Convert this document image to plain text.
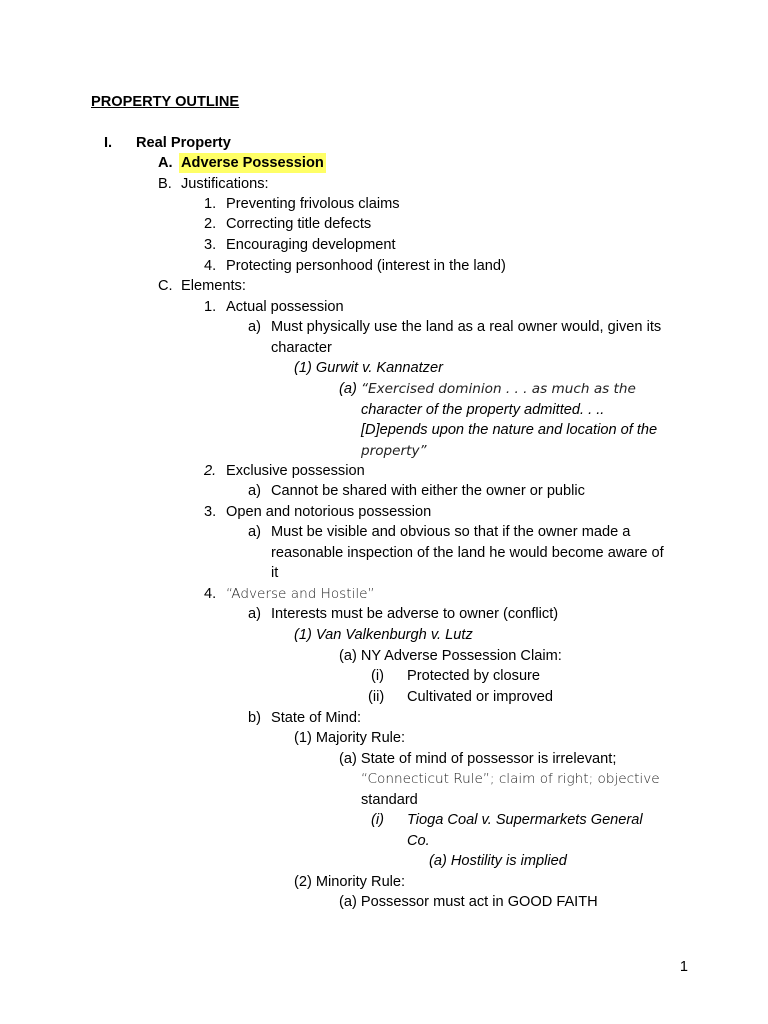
PROPERTY OUTLINE
I. Real Property
A. Adverse Possession
B. Justifications:
1. Preventing frivolous claims
2. Correcting title defects
3. Encouraging development
4. Protecting personhood (interest in the land)
C. Elements:
1. Actual possession
a) Must physically use the land as a real owner would, given its
character
(1) Gurwit v. Kannatzer
(a) “Exercised dominion . . . as much as the
character of the property admitted. . ..
[D]epends upon the nature and location of the
property”
2. Exclusive possession
a) Cannot be shared with either the owner or public
3. Open and notorious possession
a) Must be visible and obvious so that if the owner made a
reasonable inspection of the land he would become aware of
it
4. “Adverse and Hostile”
a) Interests must be adverse to owner (conflict)
(1) Van Valkenburgh v. Lutz
(a) NY Adverse Possession Claim:
(i) Protected by closure
(ii) Cultivated or improved
b) State of Mind:
(1) Majority Rule:
(a) State of mind of possessor is irrelevant;
“Connecticut Rule”; claim of right; objective
standard
(i) Tioga Coal v. Supermarkets General
Co.
(a) Hostility is implied
(2) Minority Rule:
(a) Possessor must act in GOOD FAITH
1
